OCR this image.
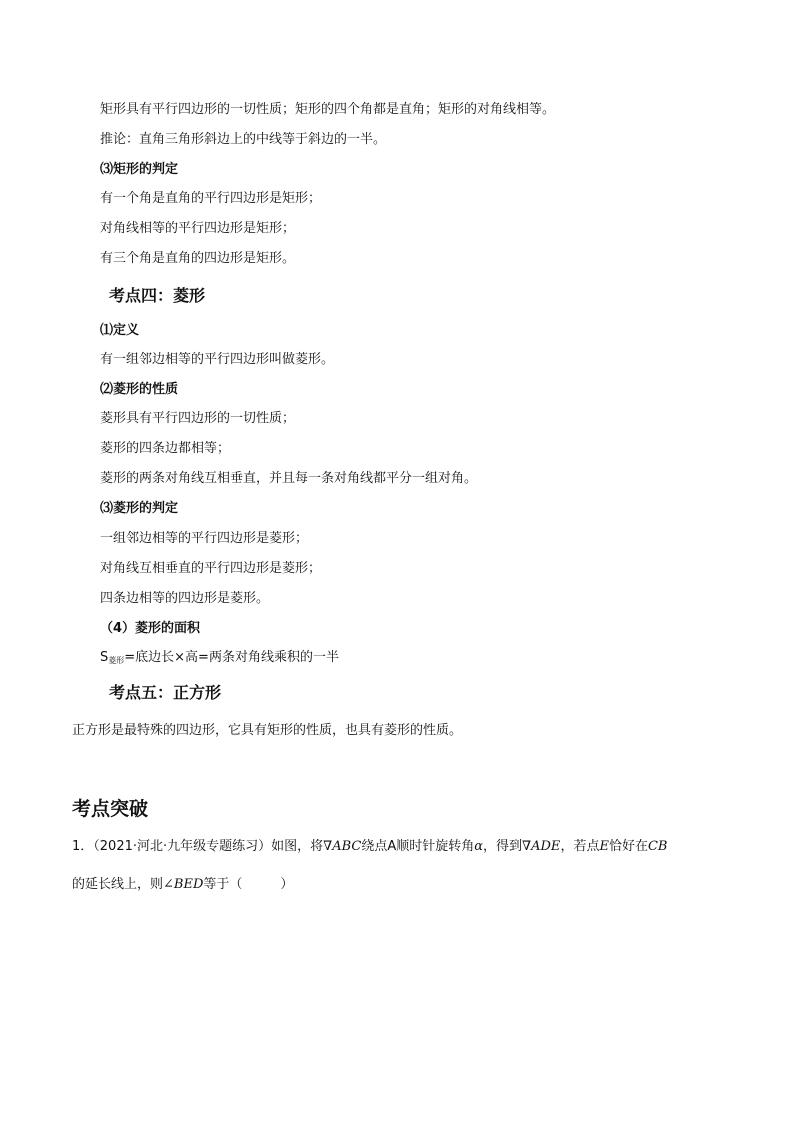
矩形具有平行四边形的一切性质；矩形的四个角都是直角；矩形的对角线相等。
推论：直角三角形斜边上的中线等于斜边的一半。
⑶矩形的判定
有一个角是直角的平行四边形是矩形；
对角线相等的平行四边形是矩形；
有三个角是直角的四边形是矩形。
考点四：菱形
⑴定义
有一组邻边相等的平行四边形叫做菱形。
⑵菱形的性质
菱形具有平行四边形的一切性质；
菱形的四条边都相等；
菱形的两条对角线互相垂直，并且每一条对角线都平分一组对角。
⑶菱形的判定
一组邻边相等的平行四边形是菱形；
对角线互相垂直的平行四边形是菱形；
四条边相等的四边形是菱形。
（4）菱形的面积
$S_{菱形}=$底边长×高=两条对角线乘积的一半
考点五：正方形
正方形是最特殊的四边形，它具有矩形的性质，也具有菱形的性质。
考点突破
1．（2021·河北·九年级专题练习）如图，将∇ABC绕点A顺时针旋转角α，得到∇ADE，若点E恰好在CB
的延长线上，则∠BED等于（	）
